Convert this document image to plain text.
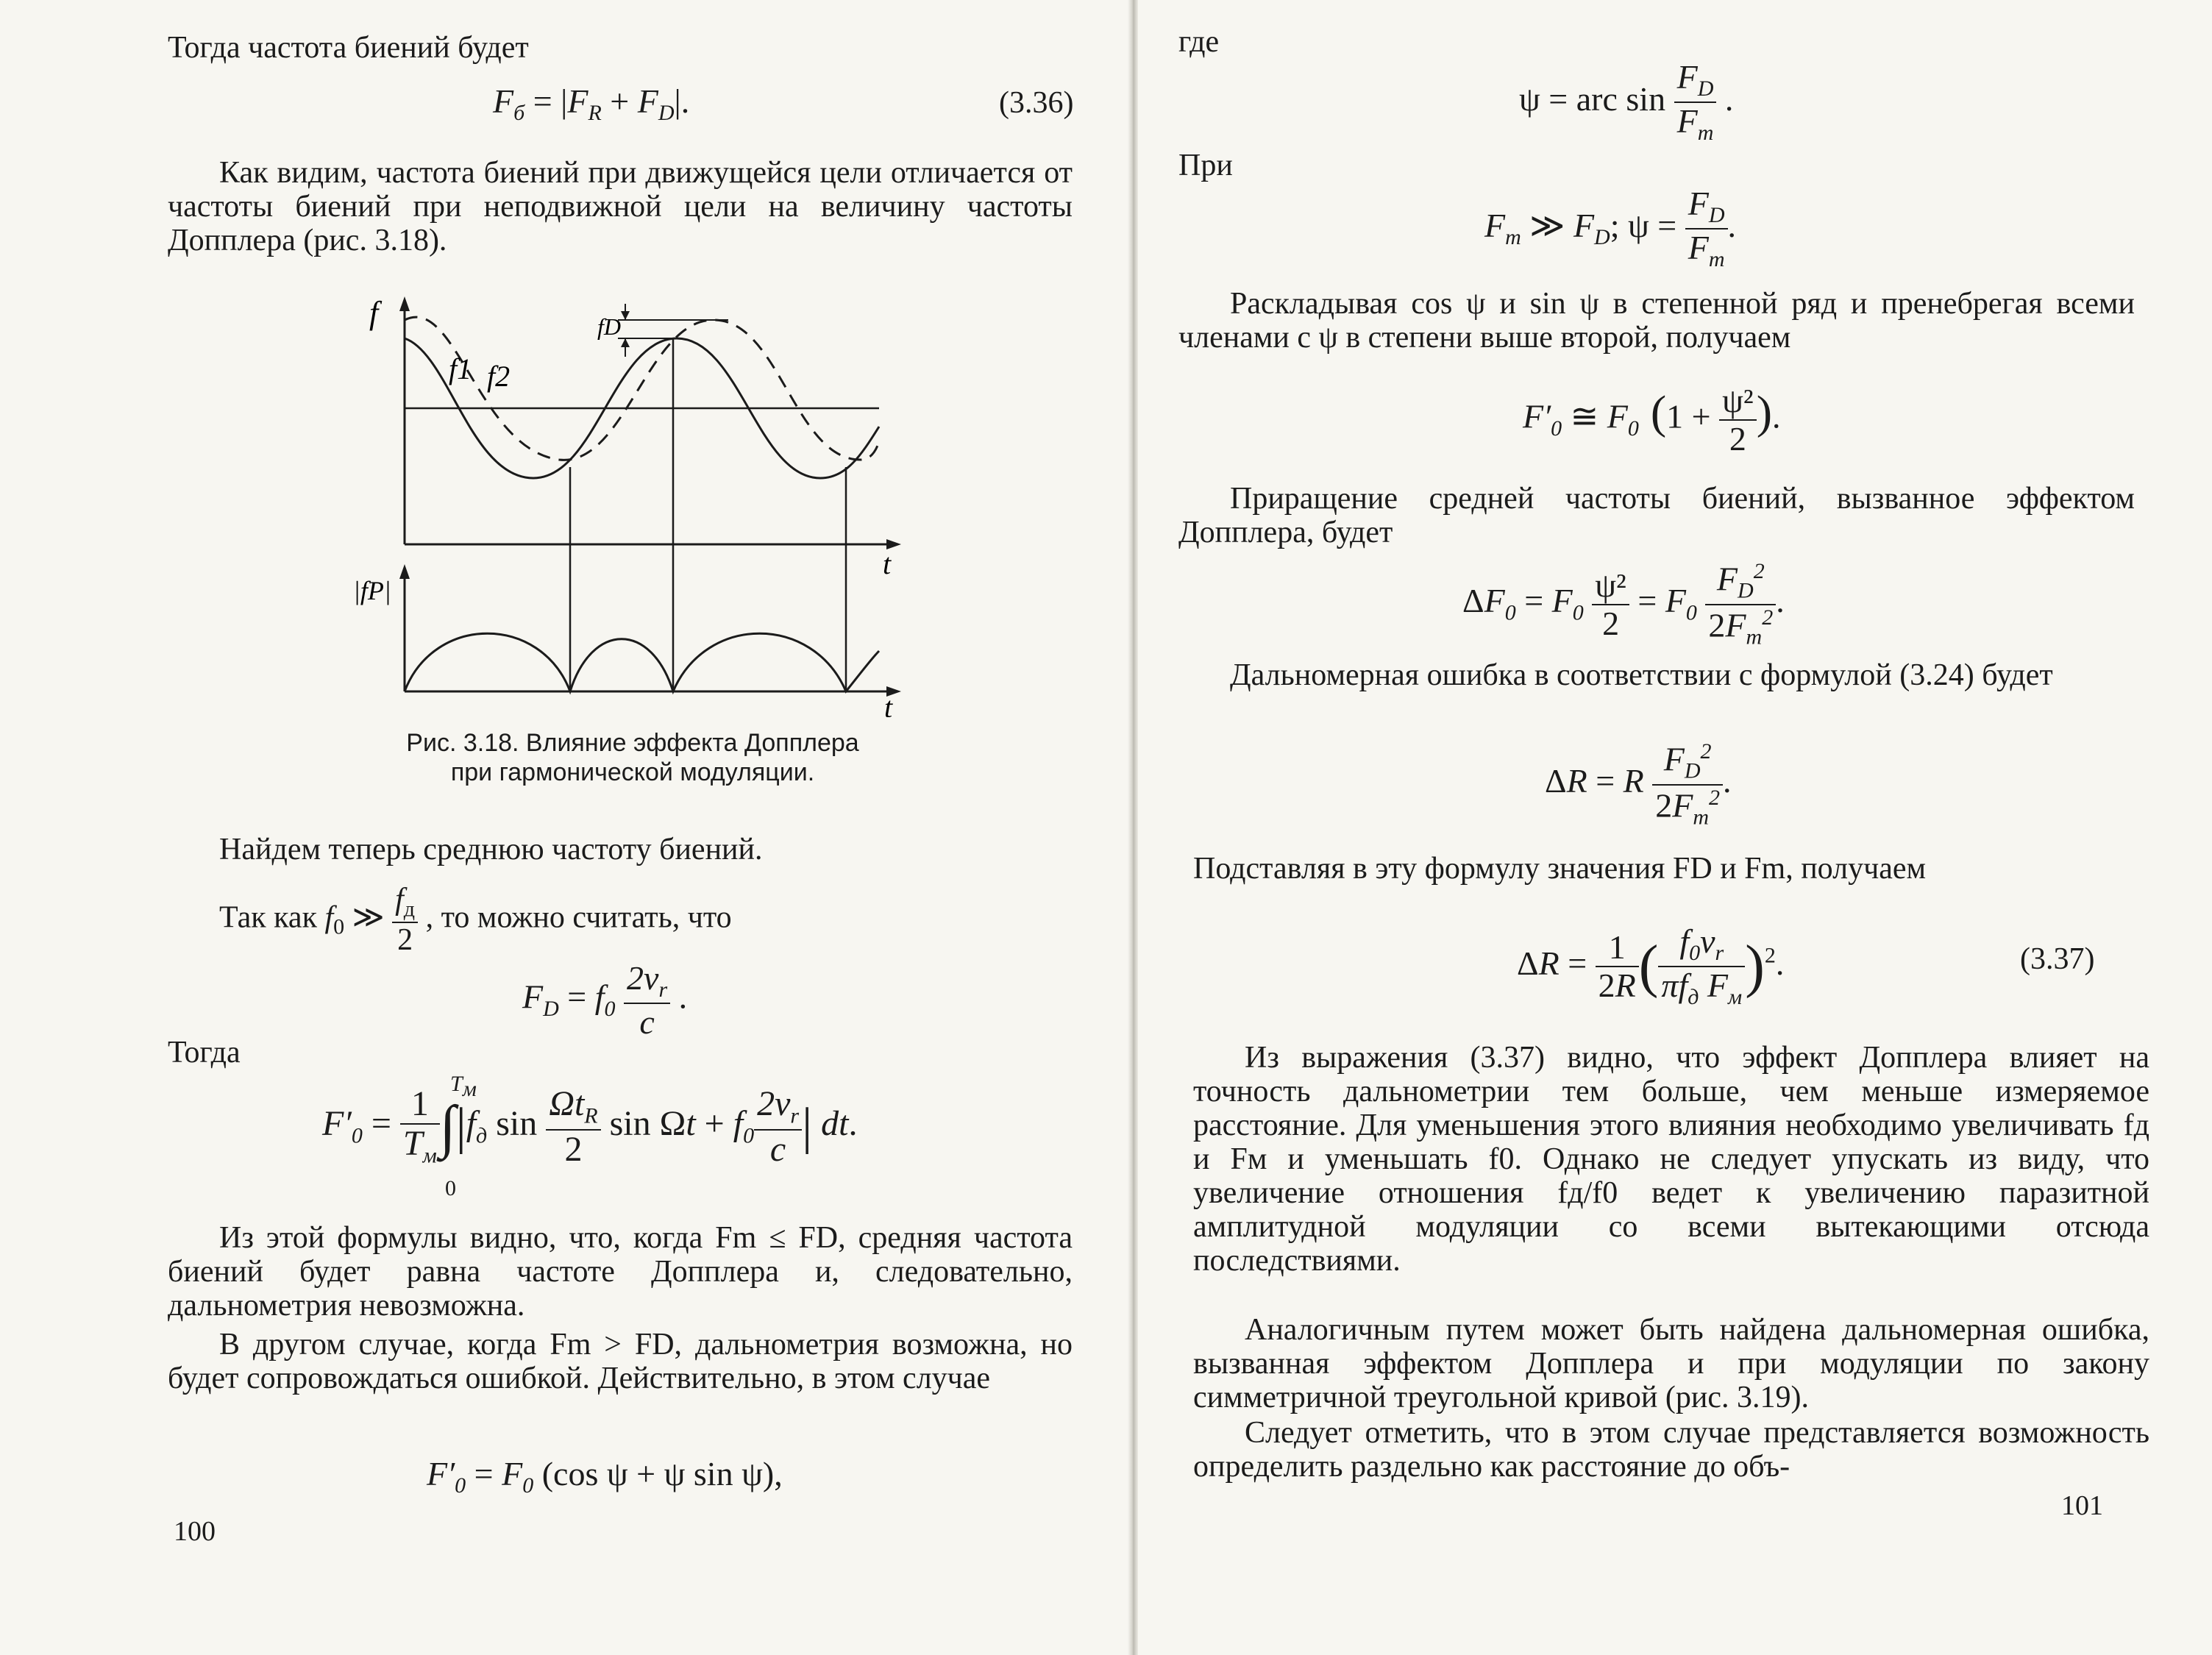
Тогда частота биений будет
$F_б = |F_R + F_D|$.	(3.36)
Как видим, частота биений при движущейся цели отличается от частоты биений при неподвижной цели на величину частоты Допплера (рис. 3.18).
f
f1 f2
fD
t
|fP|
t
Рис. 3.18. Влияние эффекта Допплера
при гармонической модуляции.
Найдем теперь среднюю частоту биений.
Так как $f_0$ ≫ $\frac{f_д}{2}$ , то можно считать, что
$F_D = f_0 \frac{2v_r}{c}$ .
Тогда
$F'_0 = \frac{1}{T_м} \int|f_д$ $\sin \frac{\Omega t_R}{2}$ $\sin \Omega t + f_0 \frac{2v_r}{c}$ | dt.
$T_м$
0
Из этой формулы видно, что, когда Fm ≤ FD, средняя частота биений будет равна частоте Допплера и, следовательно, дальнометрия невозможна.
В другом случае, когда Fm > FD, дальнометрия возможна, но будет сопровождаться ошибкой. Действительно, в этом случае
$F'_0 = F_0$ (cos ψ + ψ sin ψ),
100
где
ψ = arc $\sin \frac{F_D}{F_m}$ .
При
$F_m$ ≫ $F_D$; $\psi = \frac{F_D}{F_m}$ .
Раскладывая cos ψ и sin ψ в степенной ряд и пренебрегая всеми членами с ψ в степени выше второй, получаем
$F'_0$ ≅ $F_0$ ($1 + \frac{\text{ψ²}}{2}$ ).
Приращение средней частоты биений, вызванное эффектом Допплера, будет
$\Delta F_0 = F_0 \frac{\text{ψ²}}{2} = F_0 \frac{F_D^2}{2F_m^2}$ .
Дальномерная ошибка в соответствии с формулой (3.24) будет
ΔR = R $\frac{F_D^2}{2F_m^2}$ .
Подставляя в эту формулу значения FD и Fm, получаем
$\Delta R = \frac{1}{2R}$ ( $\frac{f_0v_r}{\pi f_д F_м} )^2$.	(3.37)
Из выражения (3.37) видно, что эффект Допплера влияет на точность дальнометрии тем больше, чем меньше измеряемое расстояние. Для уменьшения этого влияния необходимо увеличивать fд и Fм и уменьшать f0. Однако не следует упускать из виду, что увеличение отношения fд/f0 ведет к увеличению паразитной амплитудной модуляции со всеми вытекающими отсюда последствиями.
Аналогичным путем может быть найдена дальномерная ошибка, вызванная эффектом Допплера и при модуляции по закону симметричной треугольной кривой (рис. 3.19).
Следует отметить, что в этом случае представляется возможность определить раздельно как расстояние до объ-
101
